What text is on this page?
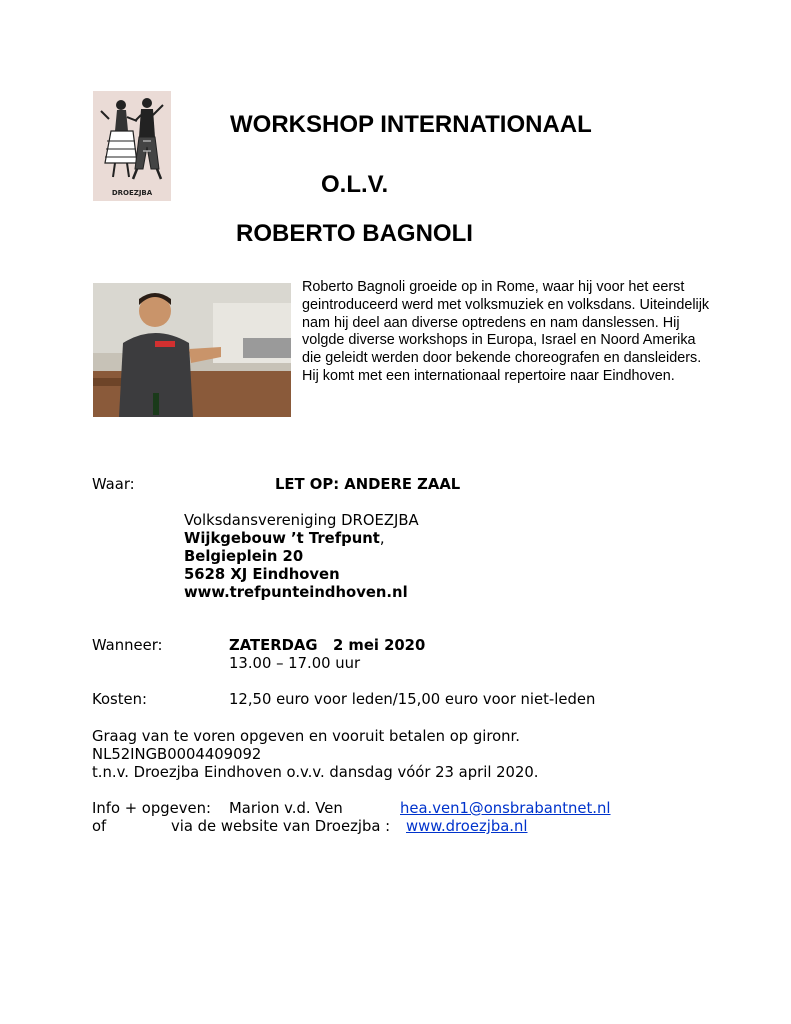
DROEZJBA
WORKSHOP INTERNATIONAAL
O.L.V.
ROBERTO BAGNOLI

Roberto Bagnoli groeide op in Rome, waar hij voor het eerst geintroduceerd werd met volksmuziek en volksdans. Uiteindelijk nam hij deel aan diverse optredens en nam danslessen. Hij volgde diverse workshops in Europa, Israel en Noord Amerika die geleidt werden door bekende choreografen en dansleiders.

Hij komt met een internationaal repertoire naar Eindhoven.

Waar:	LET OP: ANDERE ZAAL
Volksdansvereniging DROEZJBA
Wijkgebouw ’t Trefpunt,
Belgieplein 20
5628 XJ Eindhoven
www.trefpunteindhoven.nl
Wanneer:	ZATERDAG   2 mei 2020
13.00 – 17.00 uur
Kosten:	12,50 euro voor leden/15,00 euro voor niet-leden
Graag van te voren opgeven en vooruit betalen op gironr.
NL52INGB0004409092
t.n.v. Droezjba Eindhoven o.v.v. dansdag vóór 23 april 2020.
Info + opgeven: Marion v.d. Ven	hea.ven1@onsbrabantnet.nl
of	via de website van Droezjba : www.droezjba.nl
